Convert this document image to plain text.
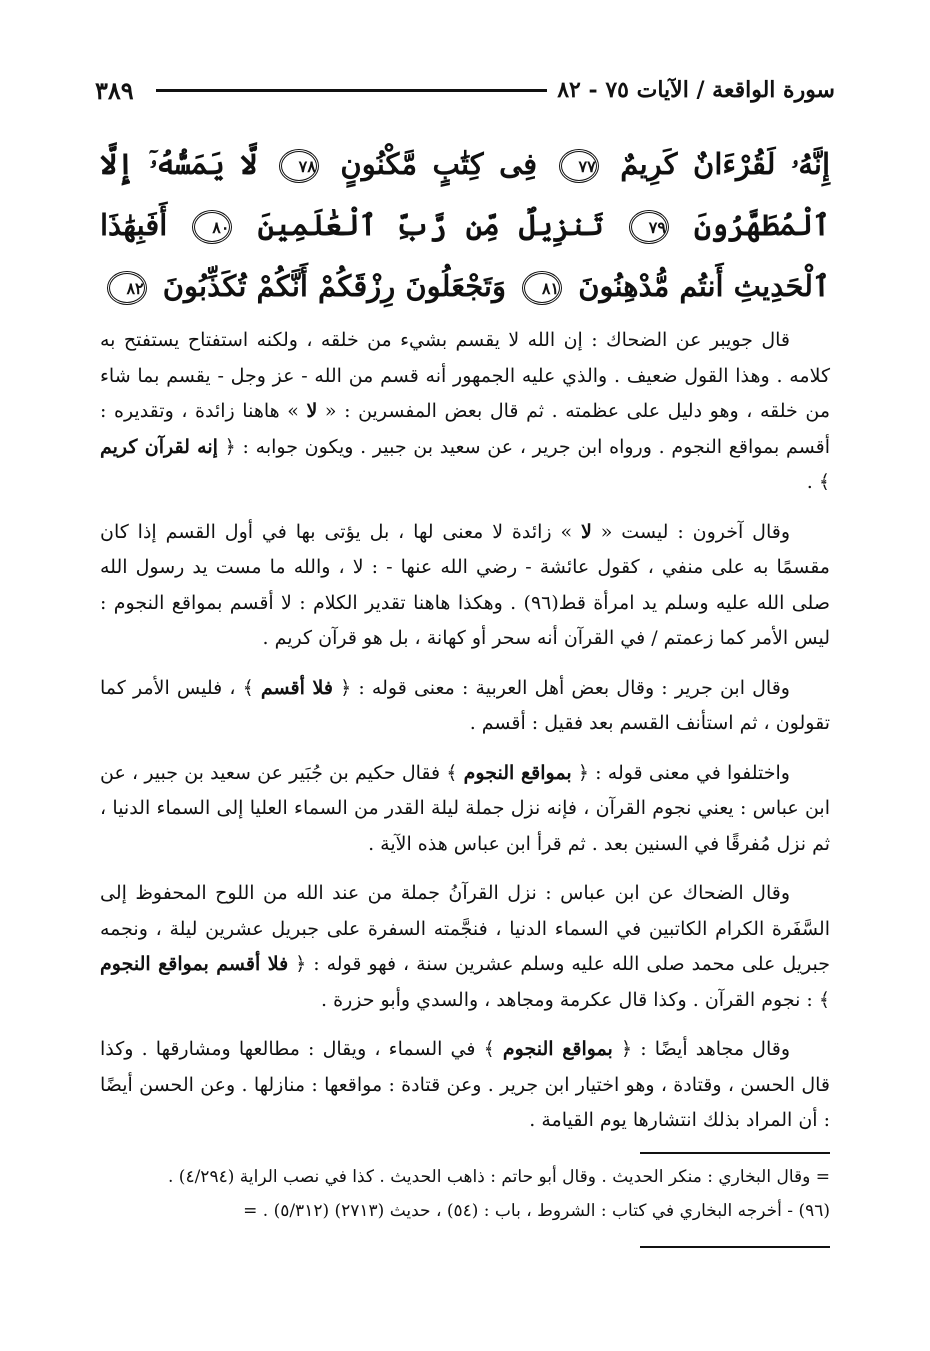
٣٨٩	سورة الواقعة / الآيات ٧٥ - ٨٢
إِنَّهُۥ لَقُرْءَانٌ كَرِيمٌ ٧٧ فِى كِتَٰبٍ مَّكْنُونٍ ٧٨ لَّا يَمَسُّهُۥٓ إِلَّا ٱلْمُطَهَّرُونَ ٧٩ تَنزِيلٌ مِّن رَّبِّ ٱلْعَٰلَمِينَ ٨٠ أَفَبِهَٰذَا ٱلْحَدِيثِ أَنتُم مُّدْهِنُونَ ٨١ وَتَجْعَلُونَ رِزْقَكُمْ أَنَّكُمْ تُكَذِّبُونَ ٨٢

قال جويبر عن الضحاك : إن الله لا يقسم بشيء من خلقه ، ولكنه استفتاح يستفتح به كلامه . وهذا القول ضعيف . والذي عليه الجمهور أنه قسم من الله - عز وجل - يقسم بما شاء من خلقه ، وهو دليل على عظمته . ثم قال بعض المفسرين : « لا » هاهنا زائدة ، وتقديره : أقسم بمواقع النجوم . ورواه ابن جرير ، عن سعيد بن جبير . ويكون جوابه : ﴿ إنه لقرآن كريم ﴾ .

وقال آخرون : ليست « لا » زائدة لا معنى لها ، بل يؤتى بها في أول القسم إذا كان مقسمًا به على منفي ، كقول عائشة - رضي الله عنها - : لا ، والله ما مست يد رسول الله صلى الله عليه وسلم يد امرأة قط(٩٦) . وهكذا هاهنا تقدير الكلام : لا أقسم بمواقع النجوم : ليس الأمر كما زعمتم / في القرآن أنه سحر أو كهانة ، بل هو قرآن كريم .

وقال ابن جرير : وقال بعض أهل العربية : معنى قوله : ﴿ فلا أقسم ﴾ ، فليس الأمر كما تقولون ، ثم استأنف القسم بعد فقيل : أقسم .

واختلفوا في معنى قوله : ﴿ بمواقع النجوم ﴾ فقال حكيم بن جُبَير عن سعيد بن جبير ، عن ابن عباس : يعني نجوم القرآن ، فإنه نزل جملة ليلة القدر من السماء العليا إلى السماء الدنيا ، ثم نزل مُفرقًا في السنين بعد . ثم قرأ ابن عباس هذه الآية .

وقال الضحاك عن ابن عباس : نزل القرآنُ جملة من عند الله من اللوح المحفوظ إلى السَّفَرة الكرام الكاتبين في السماء الدنيا ، فنجَّمته السفرة على جبريل عشرين ليلة ، ونجمه جبريل على محمد صلى الله عليه وسلم عشرين سنة ، فهو قوله : ﴿ فلا أقسم بمواقع النجوم ﴾ : نجوم القرآن . وكذا قال عكرمة ومجاهد ، والسدي وأبو حزرة .

وقال مجاهد أيضًا : ﴿ بمواقع النجوم ﴾ في السماء ، ويقال : مطالعها ومشارقها . وكذا قال الحسن ، وقتادة ، وهو اختيار ابن جرير . وعن قتادة : مواقعها : منازلها . وعن الحسن أيضًا : أن المراد بذلك انتشارها يوم القيامة .

= وقال البخاري : منكر الحديث . وقال أبو حاتم : ذاهب الحديث . كذا في نصب الراية (٤/٢٩٤) .

(٩٦) - أخرجه البخاري في كتاب : الشروط ، باب : (٥٤) ، حديث (٢٧١٣) (٥/٣١٢) . =
